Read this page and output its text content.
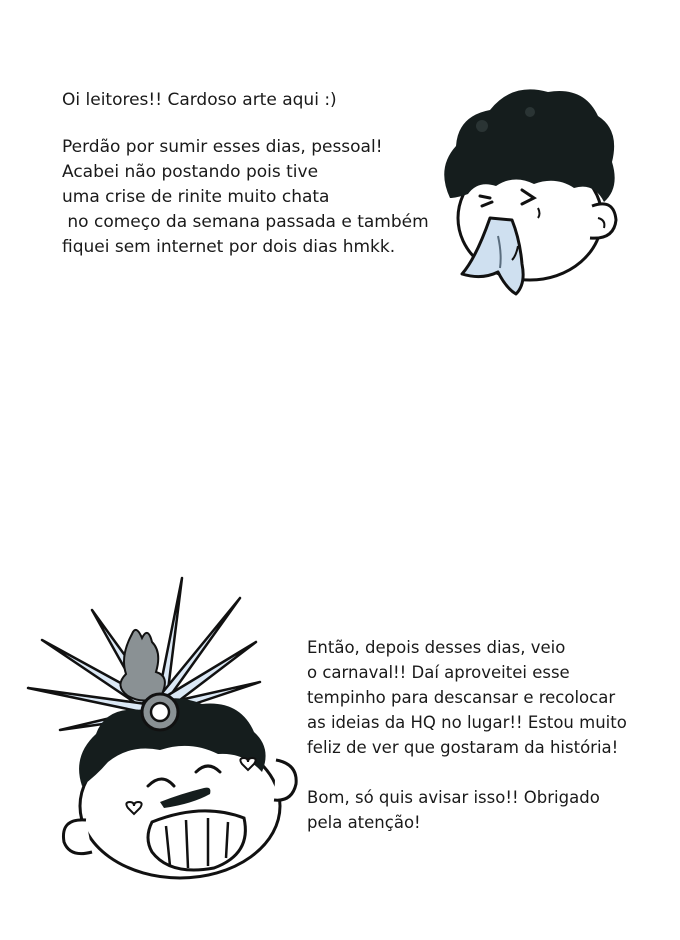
Oi leitores!! Cardoso arte aqui :)

Perdão por sumir esses dias, pessoal!

Acabei não postando pois tive

uma crise de rinite muito chata

no começo da semana passada e também

fiquei sem internet por dois dias hmkk.

Então, depois desses dias, veio

o carnaval!! Daí aproveitei esse

tempinho para descansar e recolocar

as ideias da HQ no lugar!! Estou muito

feliz de ver que gostaram da história!

Bom, só quis avisar isso!! Obrigado

pela atenção!
